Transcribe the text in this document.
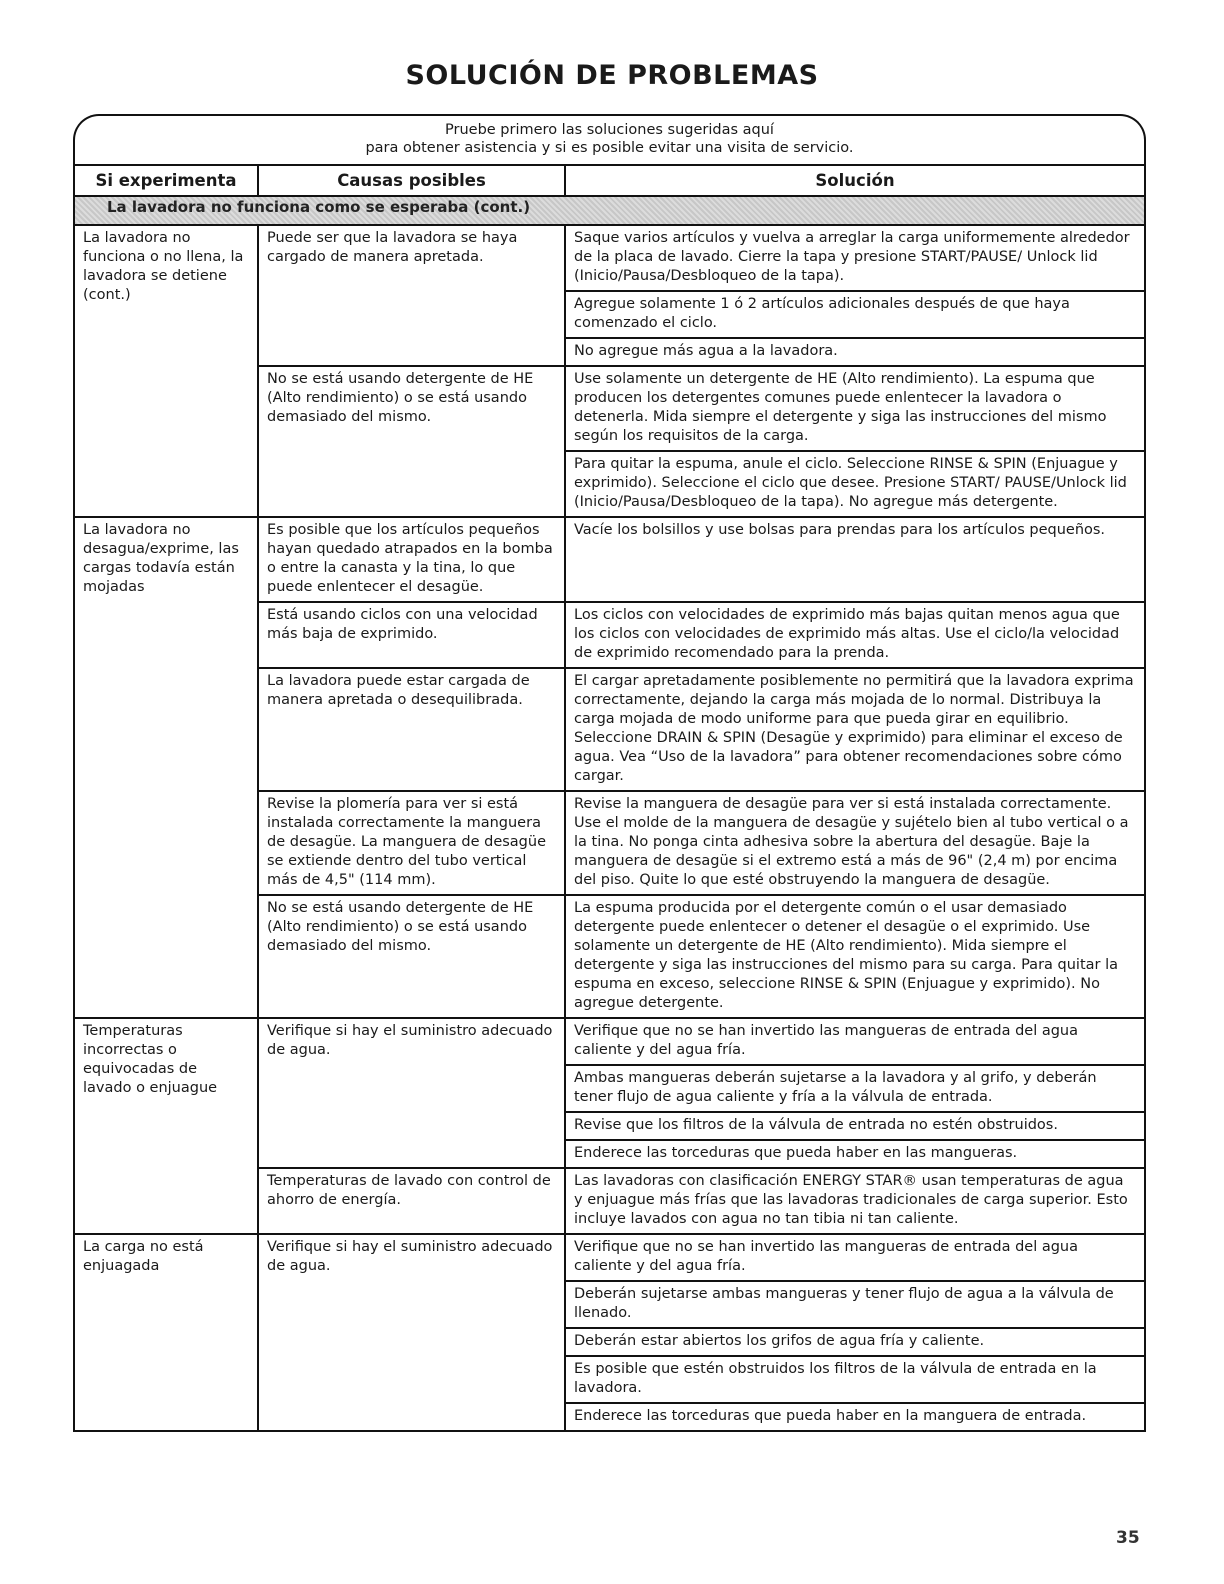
SOLUCIÓN DE PROBLEMAS
Pruebe primero las soluciones sugeridas aquí
para obtener asistencia y si es posible evitar una visita de servicio.
Si experimenta	Causas posibles	Solución
La lavadora no funciona como se esperaba (cont.)		

La lavadora no funciona o no llena, la lavadora se detiene (cont.)	Puede ser que la lavadora se haya cargado de manera apretada.	Saque varios artículos y vuelva a arreglar la carga uniformemente alrededor de la placa de lavado. Cierre la tapa y presione START/PAUSE/ Unlock lid (Inicio/Pausa/Desbloqueo de la tapa).
Agregue solamente 1 ó 2 artículos adicionales después de que haya comenzado el ciclo.
No agregue más agua a la lavadora.

	No se está usando detergente de HE (Alto rendimiento) o se está usando demasiado del mismo.	Use solamente un detergente de HE (Alto rendimiento). La espuma que producen los detergentes comunes puede enlentecer la lavadora o detenerla. Mida siempre el detergente y siga las instrucciones del mismo según los requisitos de la carga.
Para quitar la espuma, anule el ciclo. Seleccione RINSE & SPIN (Enjuague y exprimido). Seleccione el ciclo que desee. Presione START/ PAUSE/Unlock lid (Inicio/Pausa/Desbloqueo de la tapa). No agregue más detergente.

La lavadora no desagua/exprime, las cargas todavía están mojadas	Es posible que los artículos pequeños hayan quedado atrapados en la bomba o entre la canasta y la tina, lo que puede enlentecer el desagüe.	Vacíe los bolsillos y use bolsas para prendas para los artículos pequeños.

	Está usando ciclos con una velocidad más baja de exprimido.	Los ciclos con velocidades de exprimido más bajas quitan menos agua que los ciclos con velocidades de exprimido más altas. Use el ciclo/la velocidad de exprimido recomendado para la prenda.

	La lavadora puede estar cargada de manera apretada o desequilibrada.	El cargar apretadamente posiblemente no permitirá que la lavadora exprima correctamente, dejando la carga más mojada de lo normal. Distribuya la carga mojada de modo uniforme para que pueda girar en equilibrio. Seleccione DRAIN & SPIN (Desagüe y exprimido) para eliminar el exceso de agua. Vea “Uso de la lavadora” para obtener recomendaciones sobre cómo cargar.

	Revise la plomería para ver si está instalada correctamente la manguera de desagüe. La manguera de desagüe se extiende dentro del tubo vertical más de 4,5" (114 mm).	Revise la manguera de desagüe para ver si está instalada correctamente. Use el molde de la manguera de desagüe y sujételo bien al tubo vertical o a la tina. No ponga cinta adhesiva sobre la abertura del desagüe. Baje la manguera de desagüe si el extremo está a más de 96" (2,4 m) por encima del piso. Quite lo que esté obstruyendo la manguera de desagüe.

	No se está usando detergente de HE (Alto rendimiento) o se está usando demasiado del mismo.	La espuma producida por el detergente común o el usar demasiado detergente puede enlentecer o detener el desagüe o el exprimido. Use solamente un detergente de HE (Alto rendimiento). Mida siempre el detergente y siga las instrucciones del mismo para su carga. Para quitar la espuma en exceso, seleccione RINSE & SPIN (Enjuague y exprimido). No agregue detergente.

Temperaturas incorrectas o equivocadas de lavado o enjuague	Verifique si hay el suministro adecuado de agua.	Verifique que no se han invertido las mangueras de entrada del agua caliente y del agua fría.
Ambas mangueras deberán sujetarse a la lavadora y al grifo, y deberán tener flujo de agua caliente y fría a la válvula de entrada.
Revise que los filtros de la válvula de entrada no estén obstruidos.
Enderece las torceduras que pueda haber en las mangueras.

	Temperaturas de lavado con control de ahorro de energía.	Las lavadoras con clasificación ENERGY STAR® usan temperaturas de agua y enjuague más frías que las lavadoras tradicionales de carga superior. Esto incluye lavados con agua no tan tibia ni tan caliente.

La carga no está enjuagada	Verifique si hay el suministro adecuado de agua.	Verifique que no se han invertido las mangueras de entrada del agua caliente y del agua fría.
Deberán sujetarse ambas mangueras y tener flujo de agua a la válvula de llenado.
Deberán estar abiertos los grifos de agua fría y caliente.
Es posible que estén obstruidos los filtros de la válvula de entrada en la lavadora.
Enderece las torceduras que pueda haber en la manguera de entrada.
35
